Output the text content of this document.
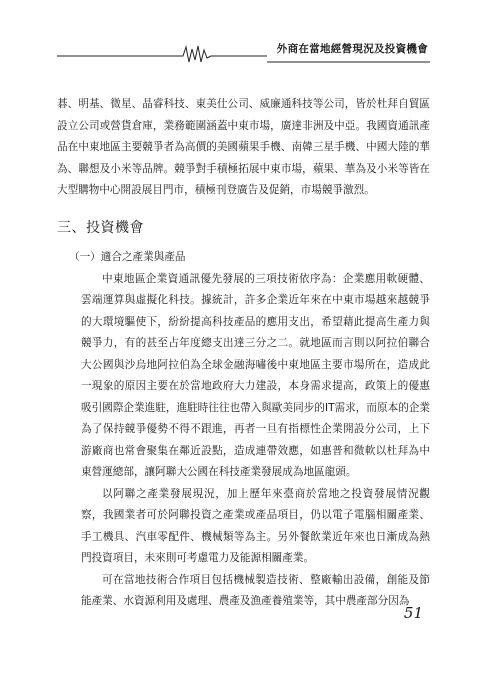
外商在當地經營現況及投資機會

碁、明基、微星、晶睿科技、東美仕公司、威廉通科技等公司，皆於杜拜自貿區設立公司或營貨倉庫，業務範圍涵蓋中東市場，廣達非洲及中亞。我國資通訊產品在中東地區主要競爭者為高價的美國蘋果手機、南韓三星手機、中國大陸的華為、聯想及小米等品牌。競爭對手積極拓展中東市場，蘋果、華為及小米等皆在大型購物中心開設展目門市，積極刊登廣告及促銷，市場競爭激烈。

三、投資機會
（一）適合之產業與產品

中東地區企業資通訊優先發展的三項技術依序為：企業應用軟硬體、雲端運算與虛擬化科技。據統計，許多企業近年來在中東市場越來越競爭的大環境驅使下，紛紛提高科技產品的應用支出，希望藉此提高生產力與競爭力，有的甚至占年度總支出達三分之二。就地區而言則以阿拉伯聯合大公國與沙烏地阿拉伯為全球金融海嘯後中東地區主要市場所在，造成此一現象的原因主要在於當地政府大力建設，本身需求提高，政策上的優惠吸引國際企業進駐，進駐時往往也帶入與歐美同步的IT需求，而原本的企業為了保持競爭優勢不得不跟進，再者一旦有指標性企業開設分公司，上下游廠商也常會聚集在鄰近設點，造成連帶效應，如惠普和微軟以杜拜為中東營運總部，讓阿聯大公國在科技產業發展成為地區龍頭。

以阿聯之產業發展現況，加上歷年來臺商於當地之投資發展情況觀察，我國業者可於阿聯投資之產業或產品項目，仍以電子電腦相關產業、手工機具、汽車零配件、機械類等為主。另外餐飲業近年來也日漸成為熱門投資項目，未來則可考慮電力及能源相關產業。

可在當地技術合作項目包括機械製造技術、整廠輸出設備，創能及節能產業、水資源利用及處理、農產及漁產養殖業等，其中農產部分因為

51
